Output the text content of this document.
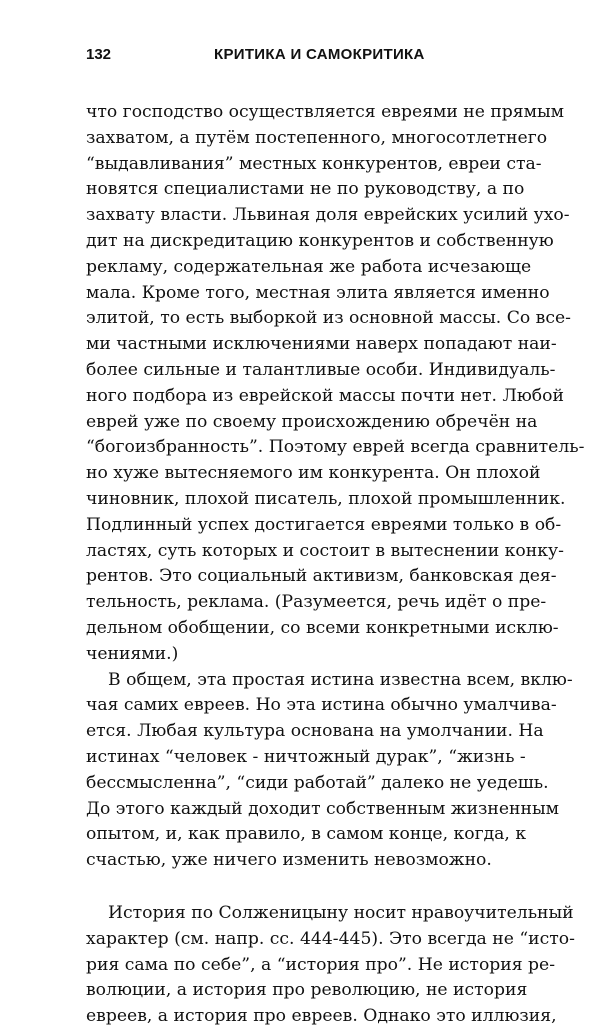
132	КРИТИКА И САМОКРИТИКА
что господство осуществляется евреями не прямым
захватом, а путём постепенного, многосотлетнего
“выдавливания” местных конкурентов, евреи ста-
новятся специалистами не по руководству, а по
захвату власти. Львиная доля еврейских усилий ухо-
дит на дискредитацию конкурентов и собственную
рекламу, содержательная же работа исчезающе
мала. Кроме того, местная элита является именно
элитой, то есть выборкой из основной массы. Со все-
ми частными исключениями наверх попадают наи-
более сильные и талантливые особи. Индивидуаль-
ного подбора из еврейской массы почти нет. Любой
еврей уже по своему происхождению обречён на
“богоизбранность”. Поэтому еврей всегда сравнитель-
но хуже вытесняемого им конкурента. Он плохой
чиновник, плохой писатель, плохой промышленник.
Подлинный успех достигается евреями только в об-
ластях, суть которых и состоит в вытеснении конку-
рентов. Это социальный активизм, банковская дея-
тельность, реклама. (Разумеется, речь идёт о пре-
дельном обобщении, со всеми конкретными исклю-
чениями.)
В общем, эта простая истина известна всем, вклю-
чая самих евреев. Но эта истина обычно умалчива-
ется. Любая культура основана на умолчании. На
истинах “человек - ничтожный дурак”, “жизнь -
бессмысленна”, “сиди работай” далеко не уедешь.
До этого каждый доходит собственным жизненным
опытом, и, как правило, в самом конце, когда, к
счастью, уже ничего изменить невозможно.
История по Солженицыну носит нравоучительный
характер (см. напр. сс. 444-445). Это всегда не “исто-
рия сама по себе”, а “история про”. Не история ре-
волюции, а история про революцию, не история
евреев, а история про евреев. Однако это иллюзия,
